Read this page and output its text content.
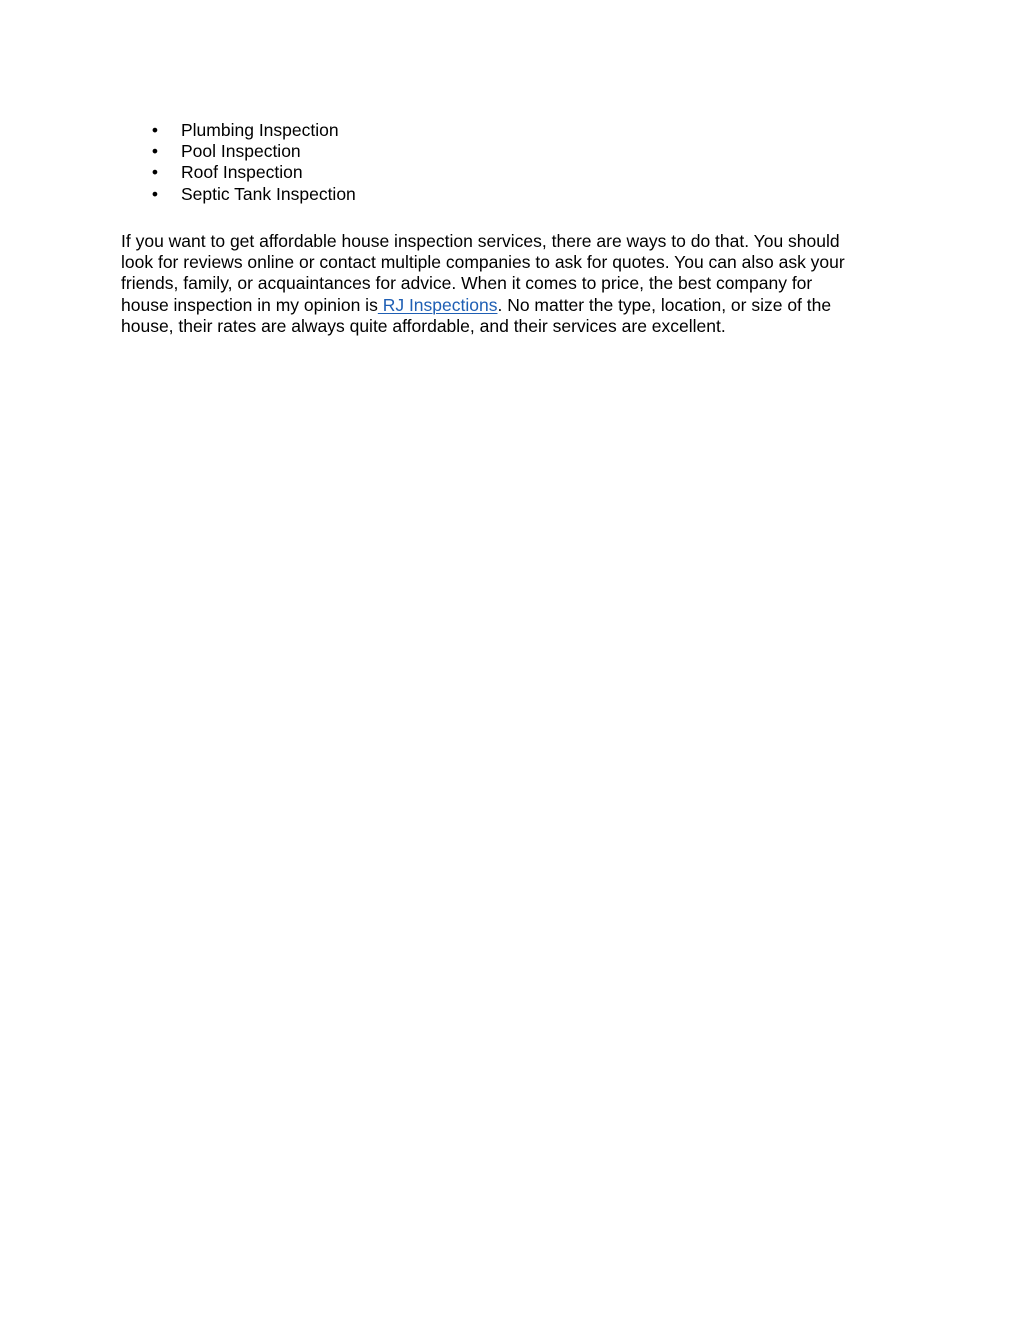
• Plumbing Inspection
• Pool Inspection
• Roof Inspection
• Septic Tank Inspection

If you want to get affordable house inspection services, there are ways to do that. You should
look for reviews online or contact multiple companies to ask for quotes. You can also ask your
friends, family, or acquaintances for advice. When it comes to price, the best company for
house inspection in my opinion is RJ Inspections. No matter the type, location, or size of the
house, their rates are always quite affordable, and their services are excellent.
